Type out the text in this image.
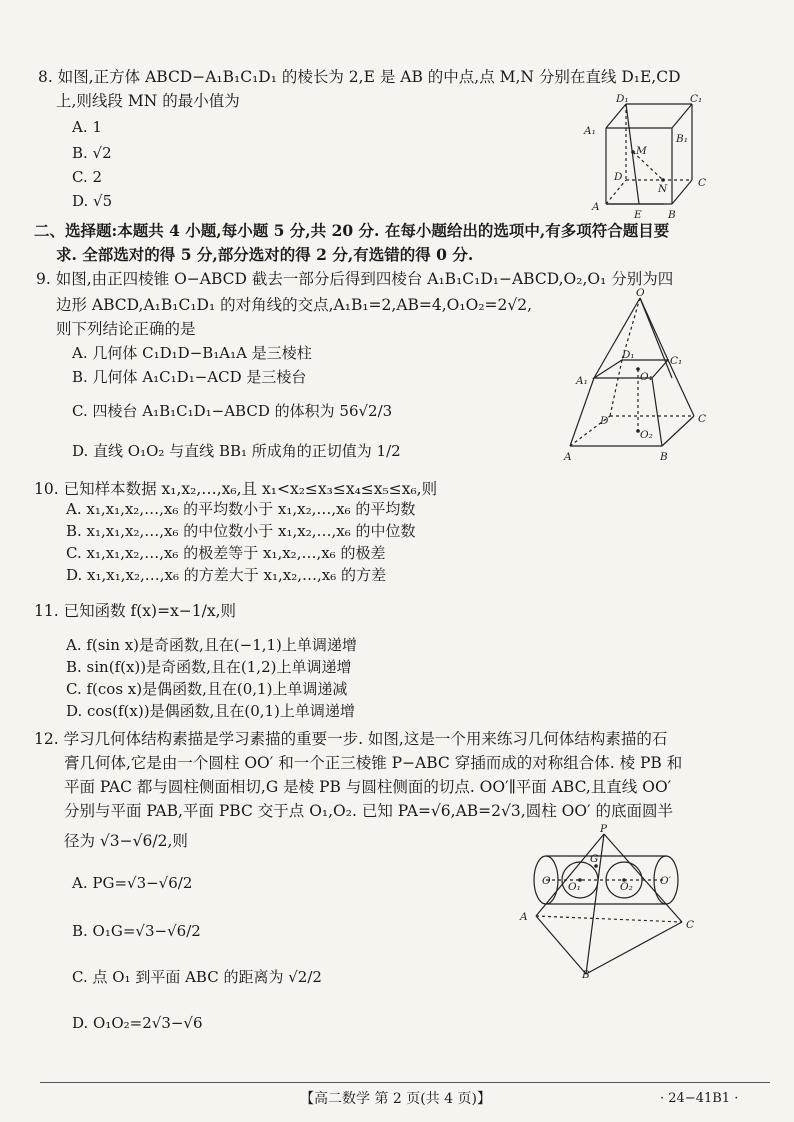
8. 如图,正方体 ABCD−A₁B₁C₁D₁ 的棱长为 2,E 是 AB 的中点,点 M,N 分别在直线 D₁E,CD
上,则线段 MN 的最小值为
A. 1
B. √2
C. 2
D. √5
D₁	C₁
A₁
B₁
M
D
N	C
A
E	B
二、选择题:本题共 4 小题,每小题 5 分,共 20 分. 在每小题给出的选项中,有多项符合题目要
求. 全部选对的得 5 分,部分选对的得 2 分,有选错的得 0 分.
9. 如图,由正四棱锥 O−ABCD 截去一部分后得到四棱台 A₁B₁C₁D₁−ABCD,O₂,O₁ 分别为四
边形 ABCD,A₁B₁C₁D₁ 的对角线的交点,A₁B₁=2,AB=4,O₁O₂=2√2,
则下列结论正确的是
A. 几何体 C₁D₁D−B₁A₁A 是三棱柱
B. 几何体 A₁C₁D₁−ACD 是三棱台
C. 四棱台 A₁B₁C₁D₁−ABCD 的体积为 56√2/3
D. 直线 O₁O₂ 与直线 BB₁ 所成角的正切值为 1/2
O
D₁	C₁
A₁	O₁
D
O₂
C
A	B
10. 已知样本数据 x₁,x₂,…,x₆,且 x₁<x₂≤x₃≤x₄≤x₅≤x₆,则
A. x₁,x₁,x₂,…,x₆ 的平均数小于 x₁,x₂,…,x₆ 的平均数
B. x₁,x₁,x₂,…,x₆ 的中位数小于 x₁,x₂,…,x₆ 的中位数
C. x₁,x₁,x₂,…,x₆ 的极差等于 x₁,x₂,…,x₆ 的极差
D. x₁,x₁,x₂,…,x₆ 的方差大于 x₁,x₂,…,x₆ 的方差
11. 已知函数 f(x)=x−1/x,则
A. f(sin x)是奇函数,且在(−1,1)上单调递增
B. sin(f(x))是奇函数,且在(1,2)上单调递增
C. f(cos x)是偶函数,且在(0,1)上单调递减
D. cos(f(x))是偶函数,且在(0,1)上单调递增
12. 学习几何体结构素描是学习素描的重要一步. 如图,这是一个用来练习几何体结构素描的石
膏几何体,它是由一个圆柱 OO′ 和一个正三棱锥 P−ABC 穿插而成的对称组合体. 棱 PB 和
平面 PAC 都与圆柱侧面相切,G 是棱 PB 与圆柱侧面的切点. OO′∥平面 ABC,且直线 OO′
分别与平面 PAB,平面 PBC 交于点 O₁,O₂. 已知 PA=√6,AB=2√3,圆柱 OO′ 的底面圆半
径为 √3−√6/2,则
A. PG=√3−√6/2
B. O₁G=√3−√6/2
C. 点 O₁ 到平面 ABC 的距离为 √2/2
D. O₁O₂=2√3−√6
P
G
O O₁	O₂	O′
A
C
B
【高二数学 第 2 页(共 4 页)】	· 24−41B1 ·
